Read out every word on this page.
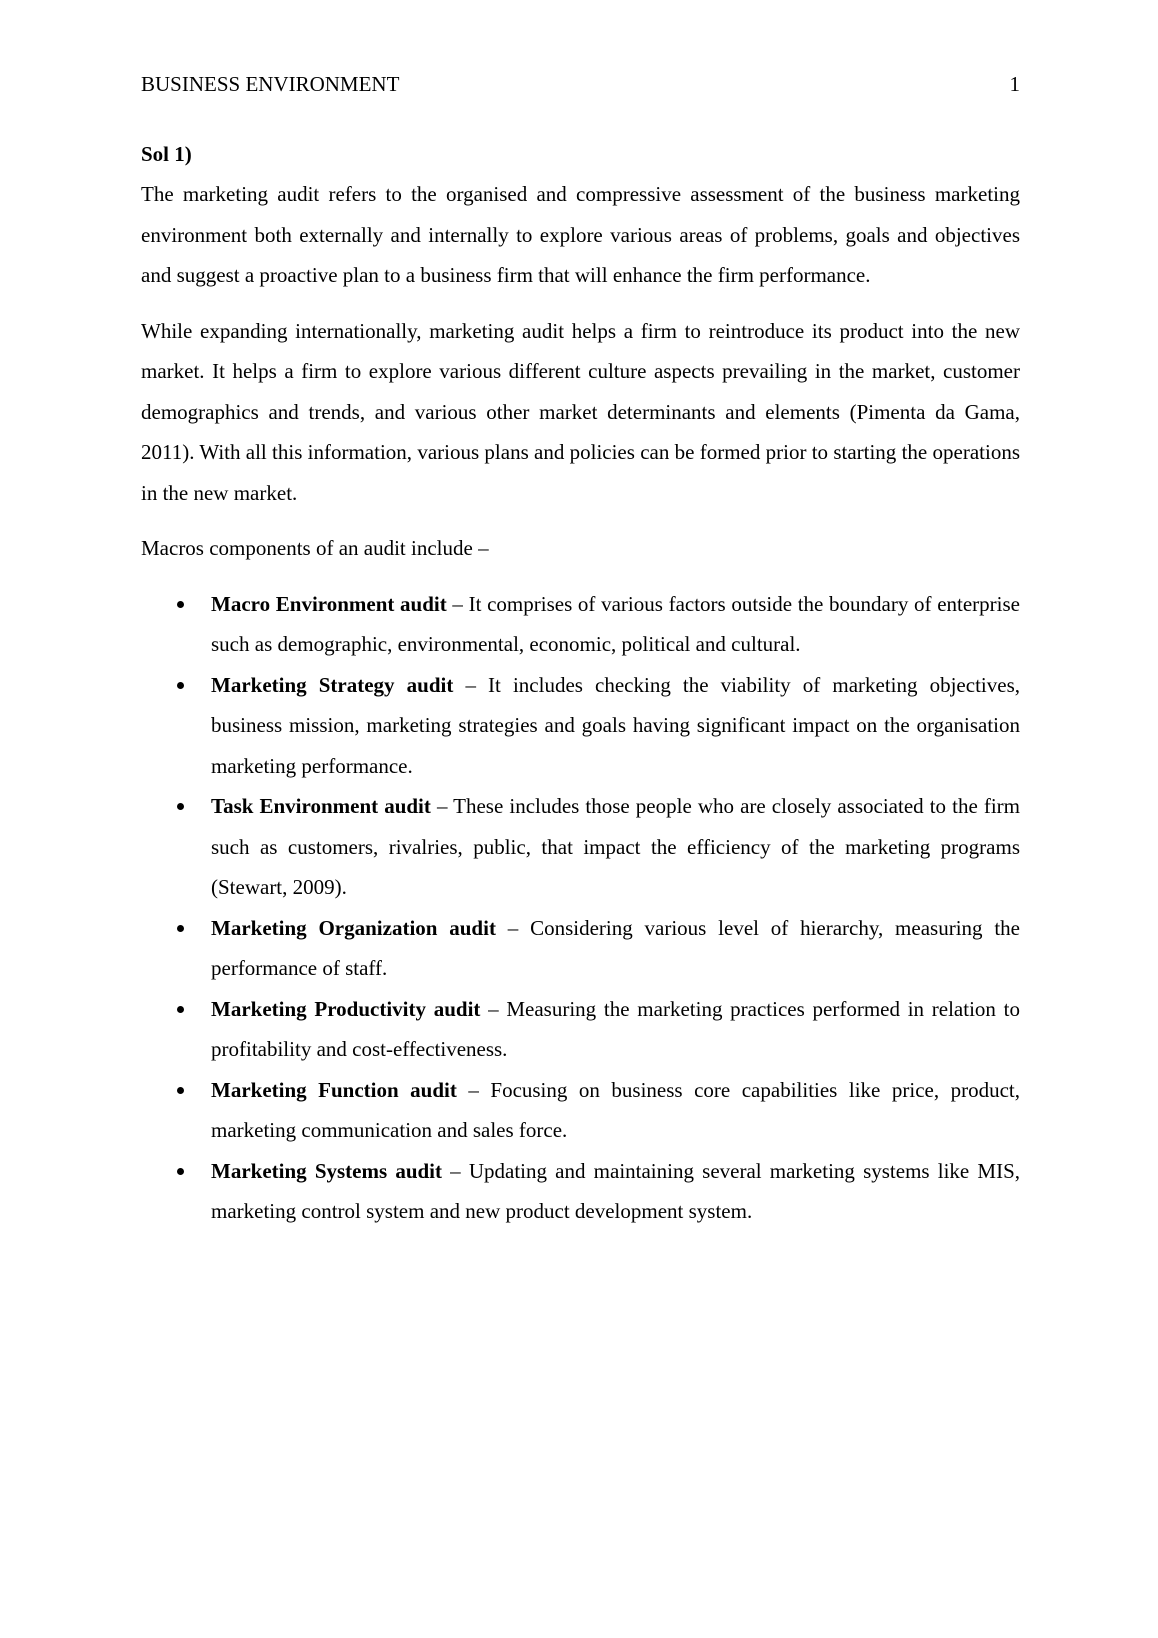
BUSINESS ENVIRONMENT	1
Sol 1)

The marketing audit refers to the organised and compressive assessment of the business marketing environment both externally and internally to explore various areas of problems, goals and objectives and suggest a proactive plan to a business firm that will enhance the firm performance.

While expanding internationally, marketing audit helps a firm to reintroduce its product into the new market. It helps a firm to explore various different culture aspects prevailing in the market, customer demographics and trends, and various other market determinants and elements (Pimenta da Gama, 2011). With all this information, various plans and policies can be formed prior to starting the operations in the new market.

Macros components of an audit include –

Macro Environment audit – It comprises of various factors outside the boundary of enterprise such as demographic, environmental, economic, political and cultural.
Marketing Strategy audit – It includes checking the viability of marketing objectives, business mission, marketing strategies and goals having significant impact on the organisation marketing performance.
Task Environment audit – These includes those people who are closely associated to the firm such as customers, rivalries, public, that impact the efficiency of the marketing programs (Stewart, 2009).
Marketing Organization audit – Considering various level of hierarchy, measuring the performance of staff.
Marketing Productivity audit – Measuring the marketing practices performed in relation to profitability and cost-effectiveness.
Marketing Function audit – Focusing on business core capabilities like price, product, marketing communication and sales force.
Marketing Systems audit – Updating and maintaining several marketing systems like MIS, marketing control system and new product development system.
